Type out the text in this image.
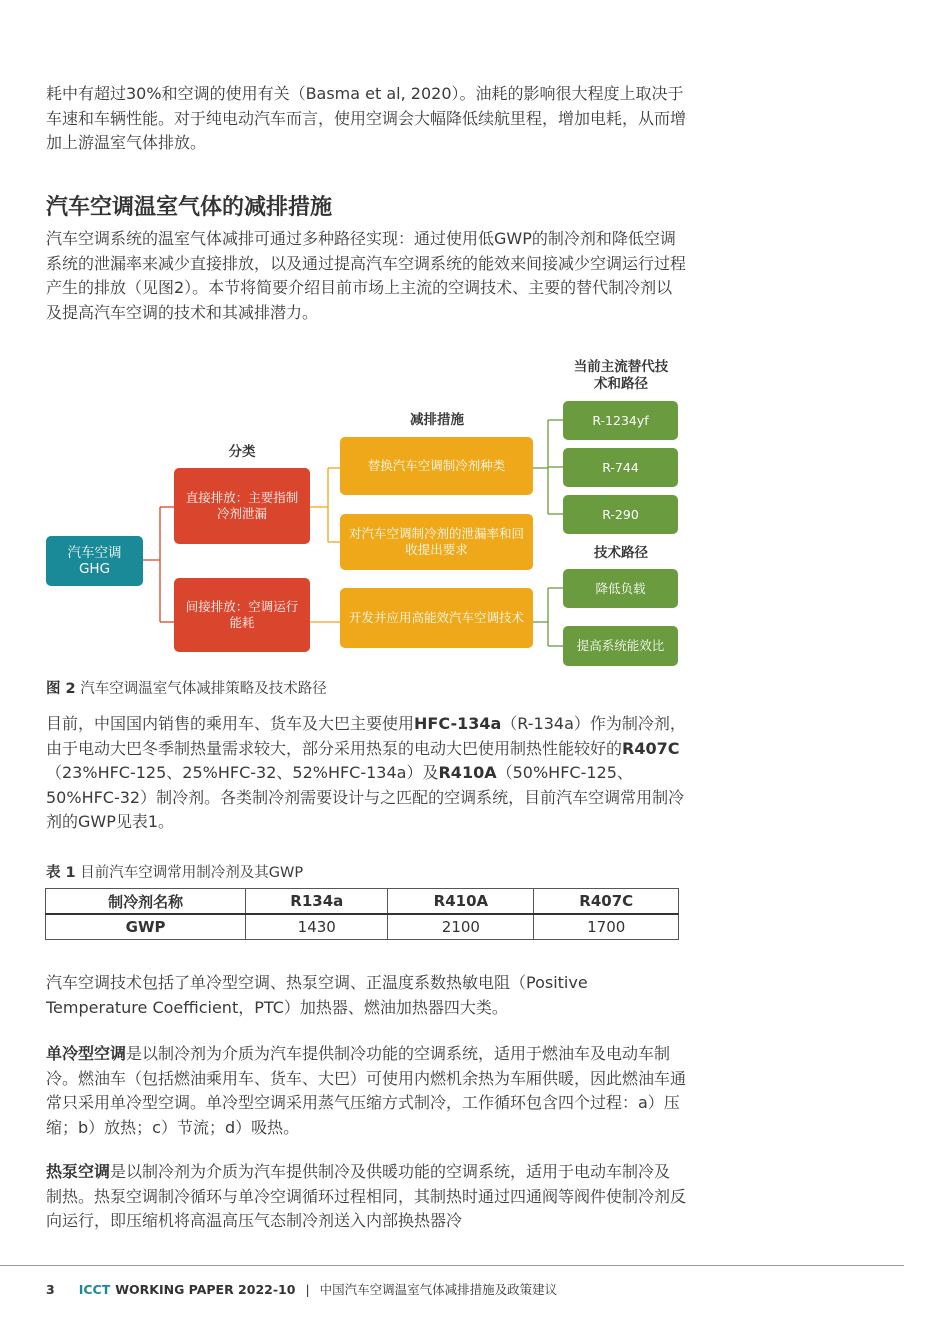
耗中有超过30%和空调的使用有关（Basma et al, 2020）。油耗的影响很大程度上取决于车速和车辆性能。对于纯电动汽车而言，使用空调会大幅降低续航里程，增加电耗，从而增加上游温室气体排放。

汽车空调温室气体的减排措施

汽车空调系统的温室气体减排可通过多种路径实现：通过使用低GWP的制冷剂和降低空调系统的泄漏率来减少直接排放，以及通过提高汽车空调系统的能效来间接减少空调运行过程产生的排放（见图2）。本节将简要介绍目前市场上主流的空调技术、主要的替代制冷剂以及提高汽车空调的技术和其减排潜力。

分类
减排措施
当前主流替代技术和路径
技术路径
汽车空调GHG
直接排放：主要指制冷剂泄漏
间接排放：空调运行能耗
替换汽车空调制冷剂种类
对汽车空调制冷剂的泄漏率和回收提出要求
开发并应用高能效汽车空调技术
R-1234yf
R-744
R-290
降低负载
提高系统能效比
图 2 汽车空调温室气体减排策略及技术路径

目前，中国国内销售的乘用车、货车及大巴主要使用HFC-134a（R-134a）作为制冷剂，由于电动大巴冬季制热量需求较大，部分采用热泵的电动大巴使用制热性能较好的R407C（23%HFC-125、25%HFC-32、52%HFC-134a）及R410A（50%HFC-125、50%HFC-32）制冷剂。各类制冷剂需要设计与之匹配的空调系统，目前汽车空调常用制冷剂的GWP见表1。

表 1 目前汽车空调常用制冷剂及其GWP
制冷剂名称	R134a	R410A	R407C
GWP	1430	2100	1700

汽车空调技术包括了单冷型空调、热泵空调、正温度系数热敏电阻（Positive Temperature Coefficient，PTC）加热器、燃油加热器四大类。

单冷型空调是以制冷剂为介质为汽车提供制冷功能的空调系统，适用于燃油车及电动车制冷。燃油车（包括燃油乘用车、货车、大巴）可使用内燃机余热为车厢供暖，因此燃油车通常只采用单冷型空调。单冷型空调采用蒸气压缩方式制冷，工作循环包含四个过程：a）压缩；b）放热；c）节流；d）吸热。

热泵空调是以制冷剂为介质为汽车提供制冷及供暖功能的空调系统，适用于电动车制冷及制热。热泵空调制冷循环与单冷空调循环过程相同，其制热时通过四通阀等阀件使制冷剂反向运行，即压缩机将高温高压气态制冷剂送入内部换热器冷

3 ICCT WORKING PAPER 2022-10 | 中国汽车空调温室气体减排措施及政策建议
